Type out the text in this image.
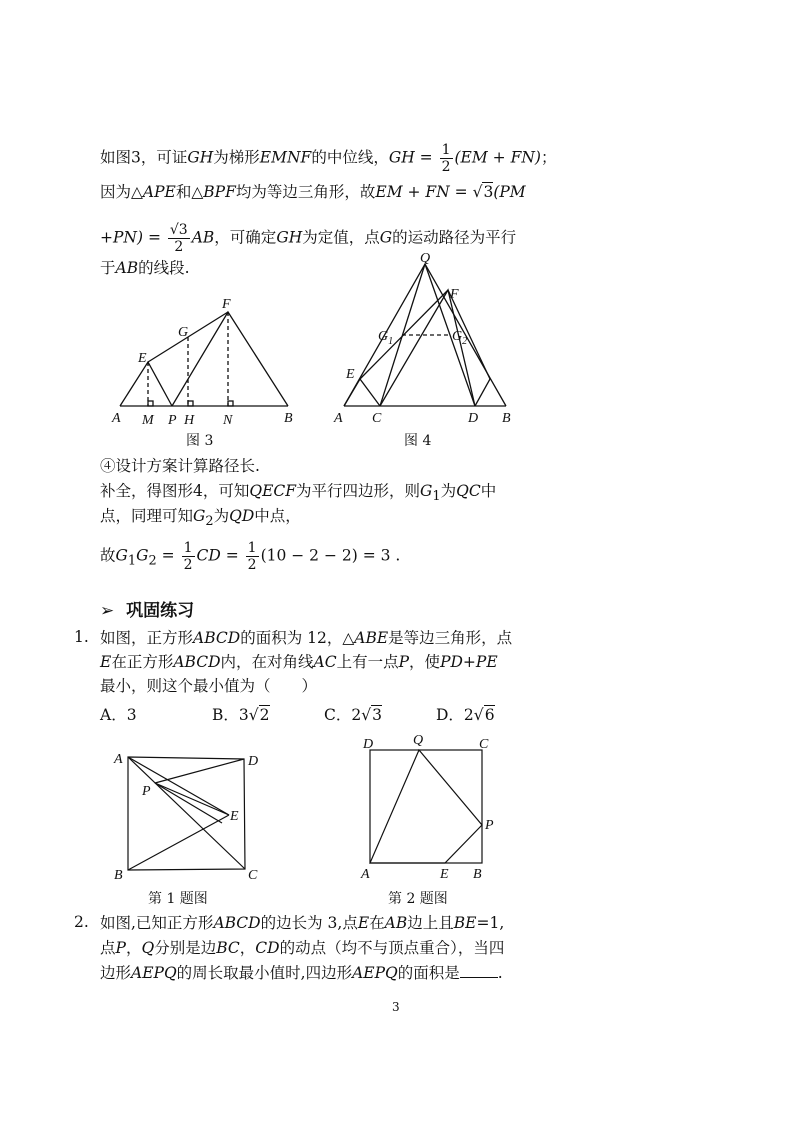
如图3，可证GH为梯形EMNF的中位线，GH = $\frac{1}{2} (EM + FN)$；
因为△APE和△BPF均为等边三角形，故EM + FN = √3(PM
$+PN) = \frac{√3}{2}$ AB，可确定GH为定值，点G的运动路径为平行
于AB的线段.
A M P H N	B
E
G
F
图 3
Q
F
$G_1$	$G_2$
E
A C	D B
图 4
④设计方案计算路径长.
补全，得图形4，可知QECF为平行四边形，则$G_1$为QC中
点，同理可知$G_2$为QD中点，
故$G_1G_2 = \frac{1}{2}$ CD = $\frac{1}{2} (10 - 2 - 2) = 3$ .
➢ 巩固练习
1. 如图，正方形ABCD的面积为 12，△ABE是等边三角形，点
E在正方形ABCD内，在对角线AC上有一点P，使PD+PE
最小，则这个最小值为（　　）
A．3	B．3√2	C．2√3	D．2√6
A	D
P
E
B	C
第 1 题图
D	Q	C
P
A	E B
第 2 题图
2. 如图,已知正方形ABCD的边长为 3,点E在AB边上且BE=1,
点P，Q分别是边BC，CD的动点（均不与顶点重合），当四
边形AEPQ的周长取最小值时,四边形AEPQ的面积是 .
3
